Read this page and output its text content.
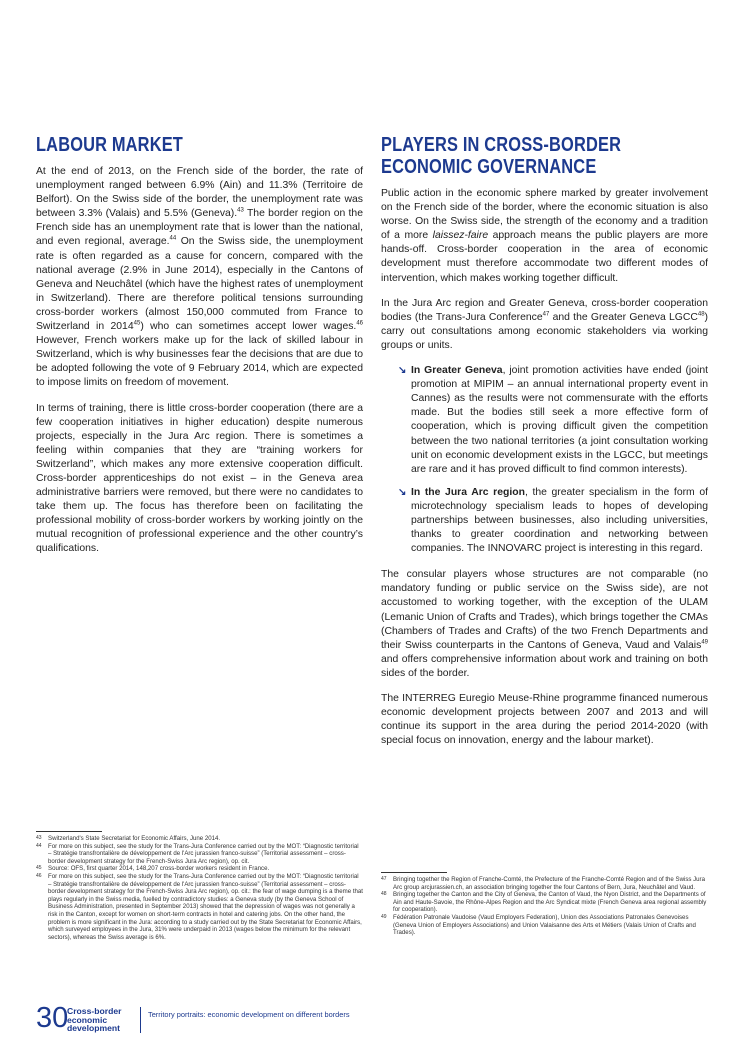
LABOUR MARKET

At the end of 2013, on the French side of the border, the rate of unemployment ranged between 6.9% (Ain) and 11.3% (Territoire de Belfort). On the Swiss side of the border, the unemployment rate was between 3.3% (Valais) and 5.5% (Geneva).$^{43}$ The border region on the French side has an unemployment rate that is lower than the national, and even regional, average.$^{44}$ On the Swiss side, the unemployment rate is often regarded as a cause for concern, compared with the national average (2.9% in June 2014), especially in the Cantons of Geneva and Neuchâtel (which have the highest rates of unemployment in Switzerland). There are therefore political tensions surrounding cross-border workers (almost 150,000 commuted from France to Switzerland in 2014$^{45}$) who can sometimes accept lower wages.$^{46}$ However, French workers make up for the lack of skilled labour in Switzerland, which is why businesses fear the decisions that are due to be adopted following the vote of 9 February 2014, which are expected to impose limits on freedom of movement.

In terms of training, there is little cross-border cooperation (there are a few cooperation initiatives in higher education) despite numerous projects, especially in the Jura Arc region. There is sometimes a feeling within companies that they are “training workers for Switzerland”, which makes any more extensive cooperation difficult. Cross-border apprenticeships do not exist – in the Geneva area administrative barriers were removed, but there were no candidates to take them up. The focus has therefore been on facilitating the professional mobility of cross-border workers by working jointly on the mutual recognition of professional experience and the other country’s qualifications.

PLAYERS IN CROSS-BORDER ECONOMIC GOVERNANCE

Public action in the economic sphere marked by greater involvement on the French side of the border, where the economic situation is also worse. On the Swiss side, the strength of the economy and a tradition of a more laissez-faire approach means the public players are more hands-off. Cross-border cooperation in the area of economic development must therefore accommodate two different modes of intervention, which makes working together difficult.

In the Jura Arc region and Greater Geneva, cross-border cooperation bodies (the Trans-Jura Conference$^{47}$ and the Greater Geneva LGCC$^{48}$) carry out consultations among economic stakeholders via working groups or units.

↘ In Greater Geneva, joint promotion activities have ended (joint promotion at MIPIM – an annual international property event in Cannes) as the results were not commensurate with the efforts made. But the bodies still seek a more effective form of cooperation, which is proving difficult given the competition between the two national territories (a joint consultation working unit on economic development exists in the LGCC, but meetings are rare and it has proved difficult to find common interests).
↘ In the Jura Arc region, the greater specialism in the form of microtechnology specialism leads to hopes of developing partnerships between businesses, also including universities, thanks to greater coordination and networking between companies. The INNOVARC project is interesting in this regard.

The consular players whose structures are not comparable (no mandatory funding or public service on the Swiss side), are not accustomed to working together, with the exception of the ULAM (Lemanic Union of Crafts and Trades), which brings together the CMAs (Chambers of Trades and Crafts) of the two French Departments and their Swiss counterparts in the Cantons of Geneva, Vaud and Valais$^{49}$ and offers comprehensive information about work and training on both sides of the border.

The INTERREG Euregio Meuse-Rhine programme financed numerous economic development projects between 2007 and 2013 and will continue its support in the area during the period 2014-2020 (with special focus on innovation, energy and the labour market).

43	Switzerland's State Secretariat for Economic Affairs, June 2014.
44	For more on this subject, see the study for the Trans-Jura Conference carried out by the MOT: “Diagnostic territorial – Stratégie transfrontalière de développement de l'Arc jurassien franco-suisse” (Territorial assessment – cross-border development strategy for the French-Swiss Jura Arc region), op. cit.
45	Source: OFS, first quarter 2014, 148,207 cross-border workers resident in France.
46	For more on this subject, see the study for the Trans-Jura Conference carried out by the MOT: “Diagnostic territorial – Stratégie transfrontalière de développement de l'Arc jurassien franco-suisse” (Territorial assessment – cross-border development strategy for the French-Swiss Jura Arc region), op. cit.: the fear of wage dumping is a theme that plays regularly in the Swiss media, fuelled by contradictory studies: a Geneva study (by the Geneva School of Business Administration, presented in September 2013) showed that the depression of wages was not generally a risk in the Canton, except for women on short-term contracts in hotel and catering jobs. On the other hand, the problem is more significant in the Jura: according to a study carried out by the State Secretariat for Economic Affairs, which surveyed employees in the Jura, 31% were underpaid in 2013 (wages below the minimum for the relevant sectors), whereas the Swiss average is 6%.
47	Bringing together the Region of Franche-Comté, the Prefecture of the Franche-Comté Region and of the Swiss Jura Arc group arcjurassien.ch, an association bringing together the four Cantons of Bern, Jura, Neuchâtel and Vaud.
48	Bringing together the Canton and the City of Geneva, the Canton of Vaud, the Nyon District, and the Departments of Ain and Haute-Savoie, the Rhône-Alpes Region and the Arc Syndicat mixte (French Geneva area regional assembly for cooperation).
49	Fédération Patronale Vaudoise (Vaud Employers Federation), Union des Associations Patronales Genevoises (Geneva Union of Employers Associations) and Union Valaisanne des Arts et Métiers (Valais Union of Crafts and Trades).
30
Cross-border
economic
development
Territory portraits: economic development on different borders
